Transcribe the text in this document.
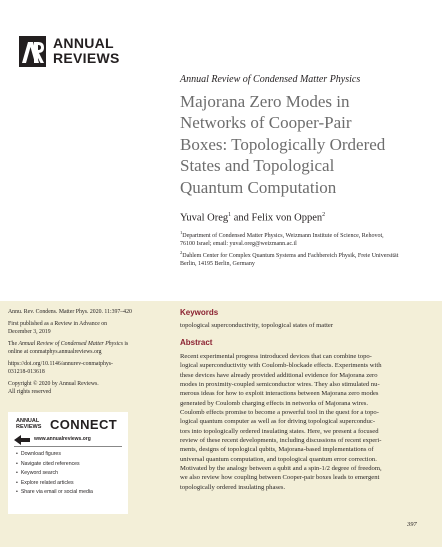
ANNUAL
REVIEWS
Annual Review of Condensed Matter Physics
Majorana Zero Modes in
Networks of Cooper-Pair
Boxes: Topologically Ordered
States and Topological
Quantum Computation
Yuval Oreg$^1$ and Felix von Oppen$^2$
$^1$Department of Condensed Matter Physics, Weizmann Institute of Science, Rehovot,
76100 Israel; email: yuval.oreg@weizmann.ac.il
$^2$Dahlem Center for Complex Quantum Systems and Fachbereich Physik, Freie Universität
Berlin, 14195 Berlin, Germany
Annu. Rev. Condens. Matter Phys. 2020. 11:397–420
First published as a Review in Advance on
December 3, 2019
The Annual Review of Condensed Matter Physics is
online at conmatphys.annualreviews.org
https://doi.org/10.1146/annurev-conmatphys-
031218-013618
Copyright © 2020 by Annual Reviews.
All rights reserved
ANNUAL
REVIEWS CONNECT
www.annualreviews.org
• Download figures
• Navigate cited references
• Keyword search
• Explore related articles
• Share via email or social media
Keywords
topological superconductivity, topological states of matter
Abstract
Recent experimental progress introduced devices that can combine topo-
logical superconductivity with Coulomb-blockade effects. Experiments with
these devices have already provided additional evidence for Majorana zero
modes in proximity-coupled semiconductor wires. They also stimulated nu-
merous ideas for how to exploit interactions between Majorana zero modes
generated by Coulomb charging effects in networks of Majorana wires.
Coulomb effects promise to become a powerful tool in the quest for a topo-
logical quantum computer as well as for driving topological superconduc-
tors into topologically ordered insulating states. Here, we present a focused
review of these recent developments, including discussions of recent experi-
ments, designs of topological qubits, Majorana-based implementations of
universal quantum computation, and topological quantum error correction.
Motivated by the analogy between a qubit and a spin-1/2 degree of freedom,
we also review how coupling between Cooper-pair boxes leads to emergent
topologically ordered insulating phases.
397
